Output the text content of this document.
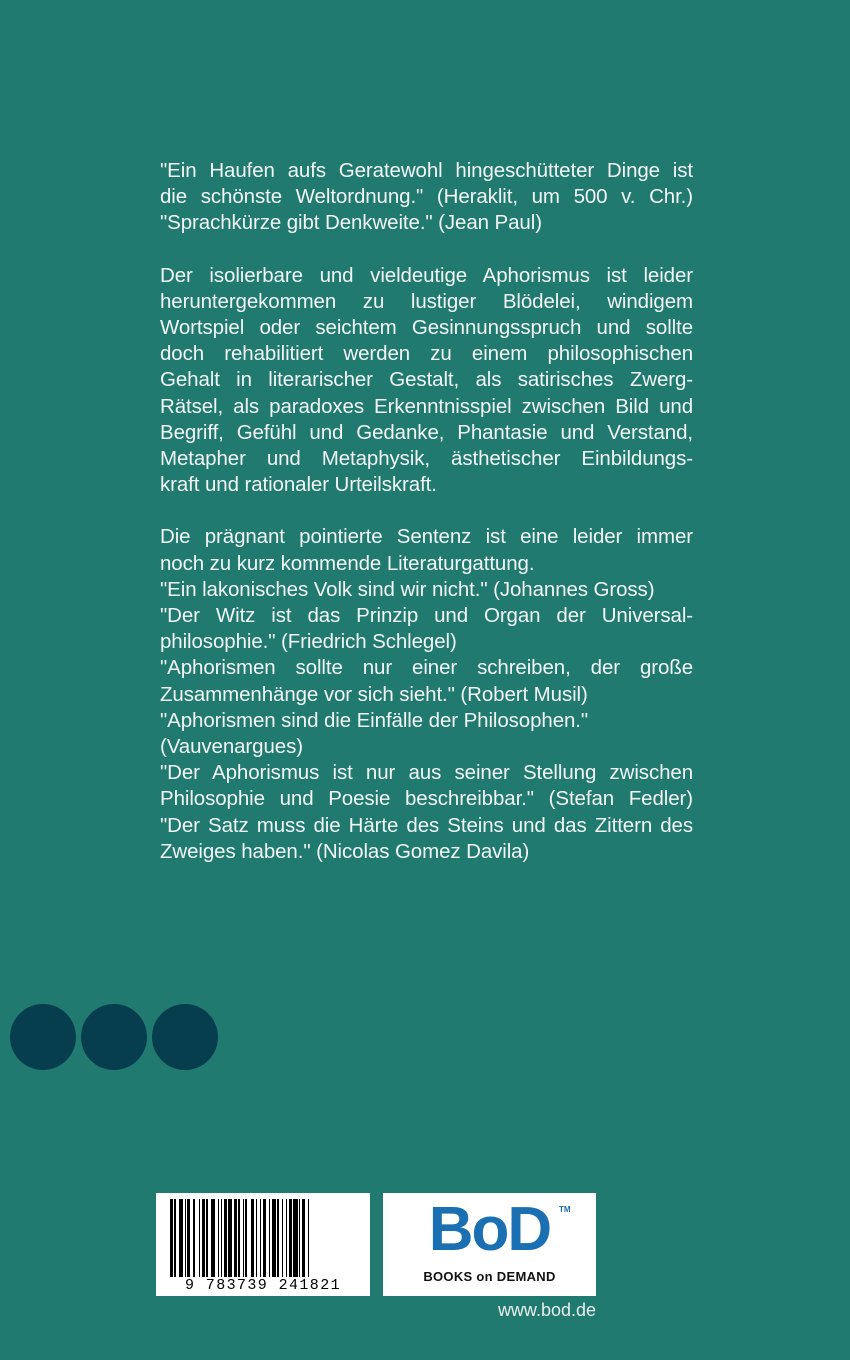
"Ein Haufen aufs Geratewohl hingeschütteter Dinge ist
die schönste Weltordnung." (Heraklit, um 500 v. Chr.)
"Sprachkürze gibt Denkweite." (Jean Paul)
Der isolierbare und vieldeutige Aphorismus ist leider
heruntergekommen zu lustiger Blödelei, windigem
Wortspiel oder seichtem Gesinnungsspruch und sollte
doch rehabilitiert werden zu einem philosophischen
Gehalt in literarischer Gestalt, als satirisches Zwerg-
Rätsel, als paradoxes Erkenntnisspiel zwischen Bild und
Begriff, Gefühl und Gedanke, Phantasie und Verstand,
Metapher und Metaphysik, ästhetischer Einbildungs-
kraft und rationaler Urteilskraft.
Die prägnant pointierte Sentenz ist eine leider immer
noch zu kurz kommende Literaturgattung.
"Ein lakonisches Volk sind wir nicht." (Johannes Gross)
"Der Witz ist das Prinzip und Organ der Universal-
philosophie." (Friedrich Schlegel)
"Aphorismen sollte nur einer schreiben, der große
Zusammenhänge vor sich sieht." (Robert Musil)
"Aphorismen sind die Einfälle der Philosophen."
(Vauvenargues)
"Der Aphorismus ist nur aus seiner Stellung zwischen
Philosophie und Poesie beschreibbar." (Stefan Fedler)
"Der Satz muss die Härte des Steins und das Zittern des
Zweiges haben." (Nicolas Gomez Davila)
9 783739 241821
BoD	TM
BOOKS on DEMAND
www.bod.de
